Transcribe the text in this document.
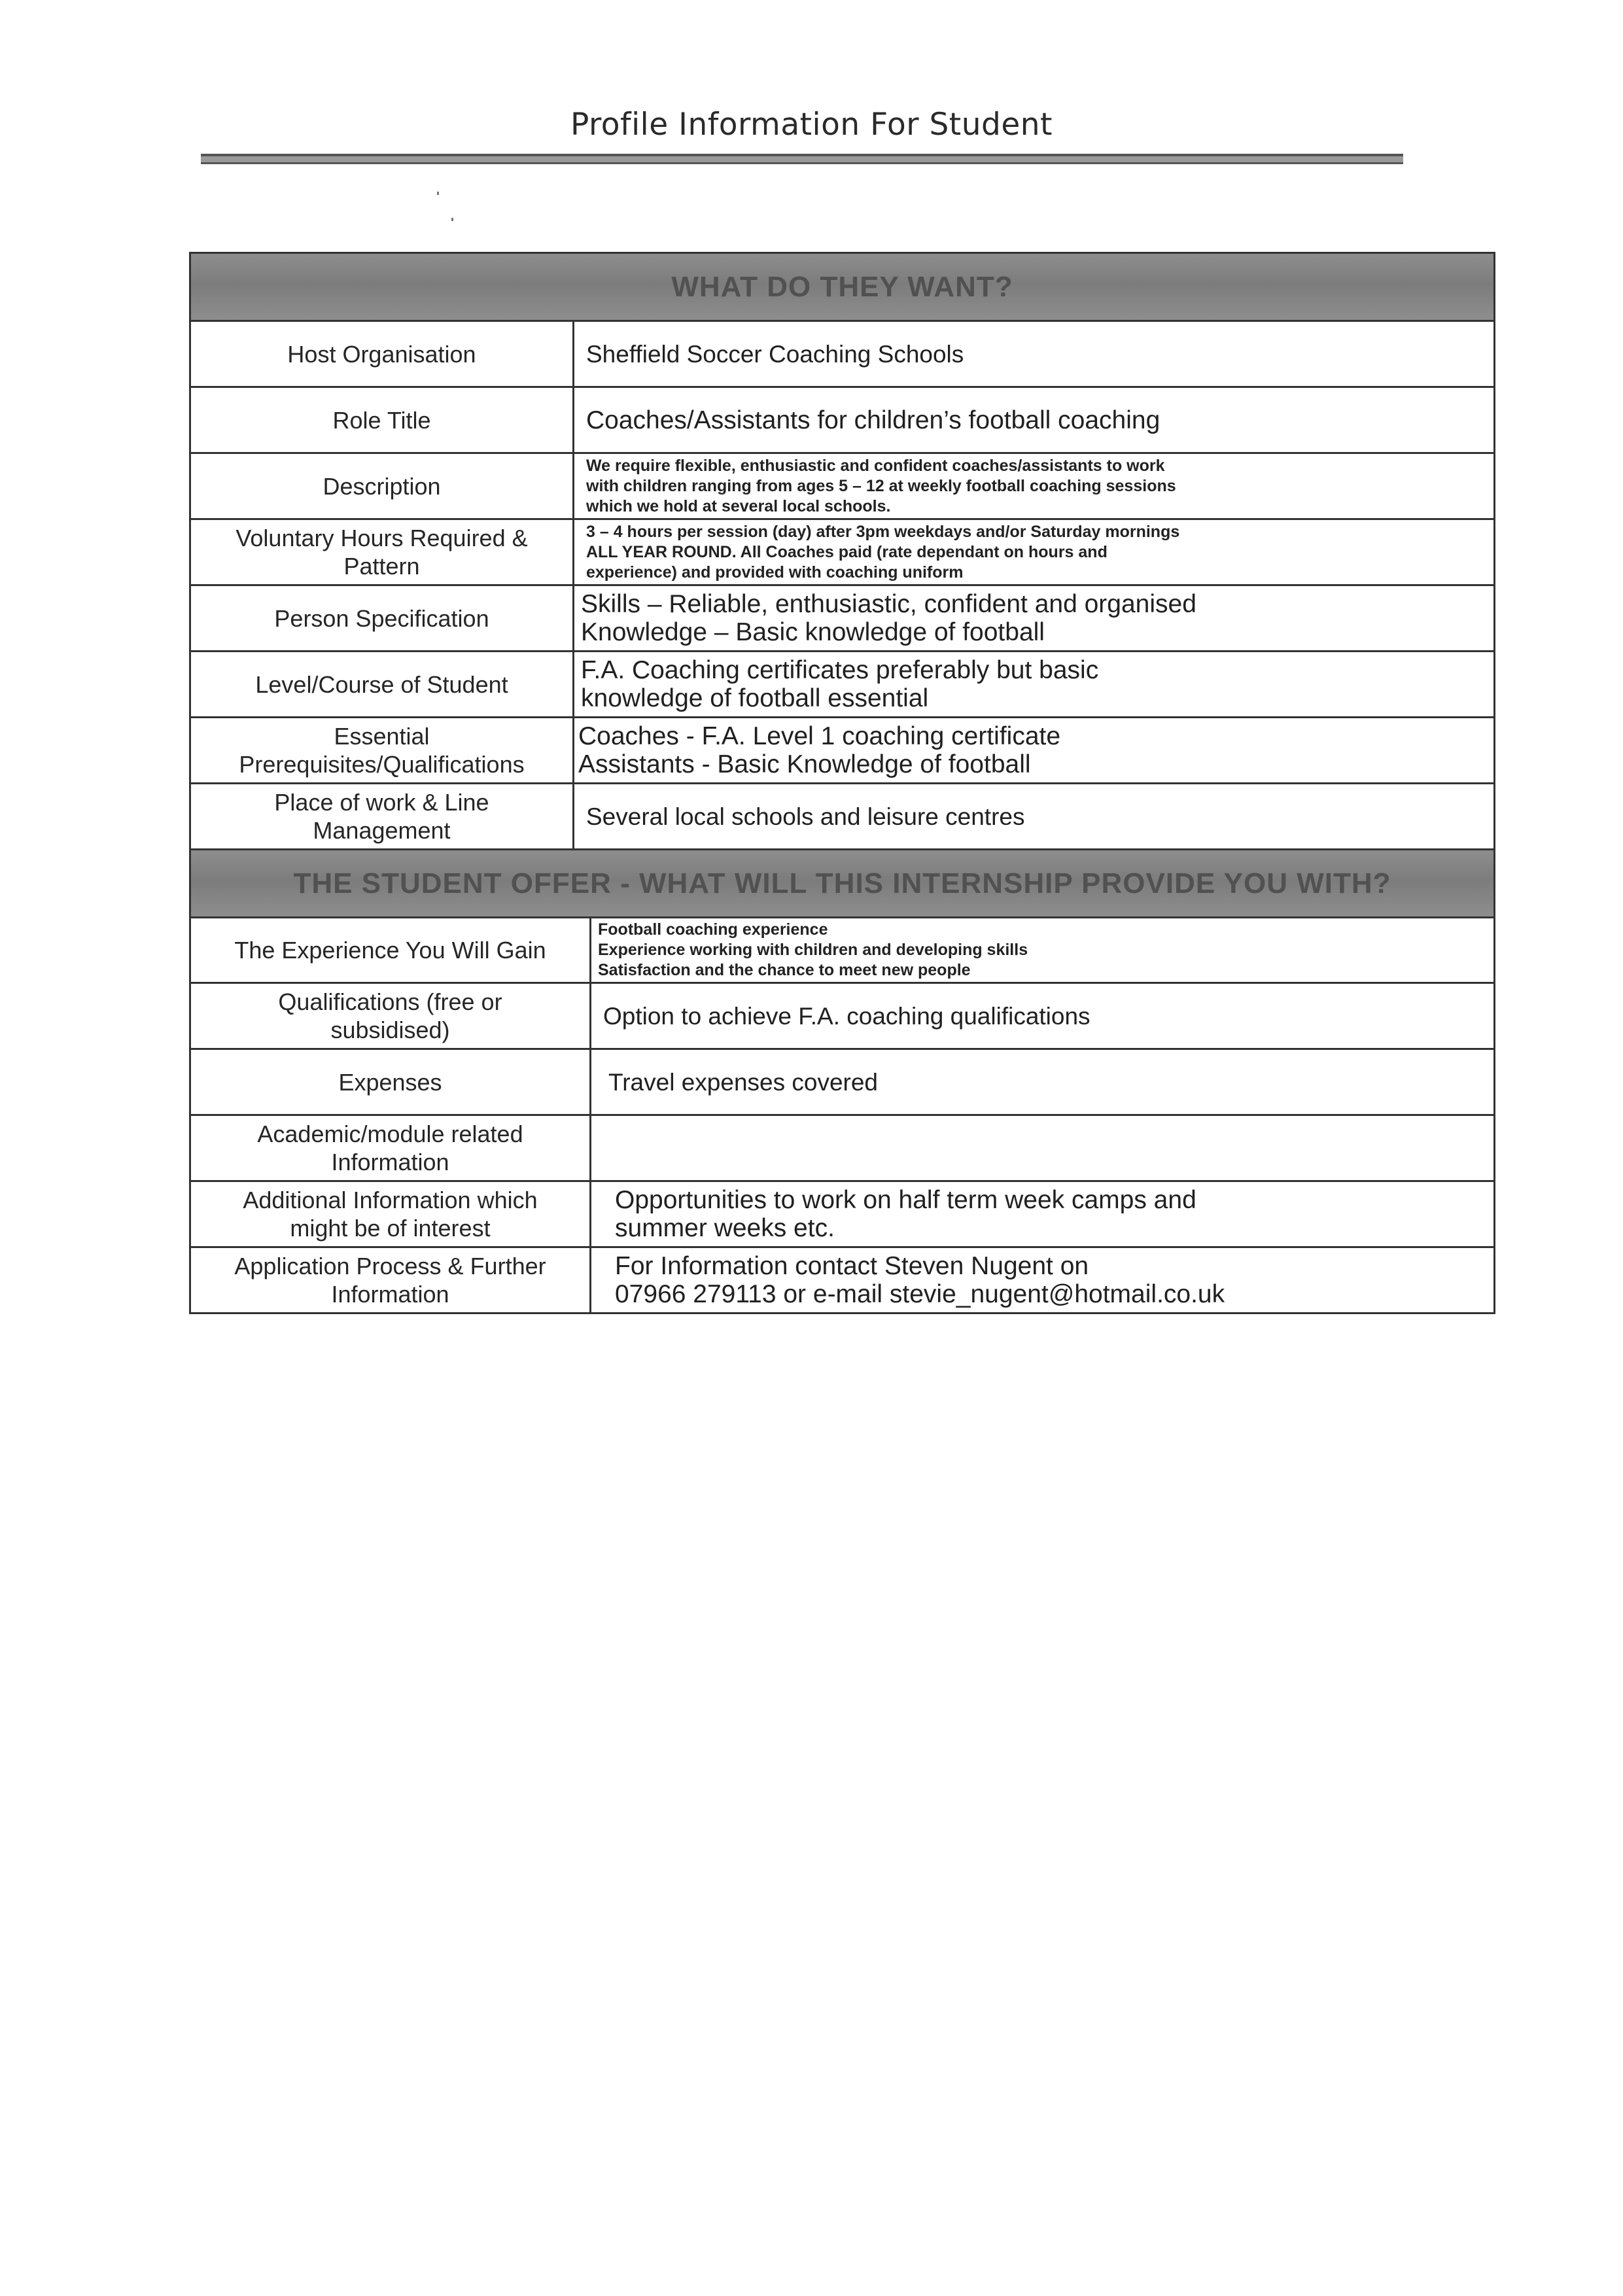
Profile Information For Student
WHAT DO THEY WANT?		
Host Organisation	Sheffield Soccer Coaching Schools	

Role Title	Coaches/Assistants for children’s football coaching	

Description	We require flexible, enthusiastic and confident coaches/assistants to work
with children ranging from ages 5 – 12 at weekly football coaching sessions
which we hold at several local schools.	

Voluntary Hours Required &
Pattern	3 – 4 hours per session (day) after 3pm weekdays and/or Saturday mornings
ALL YEAR ROUND. All Coaches paid (rate dependant on hours and
experience) and provided with coaching uniform	

Person Specification	Skills – Reliable, enthusiastic, confident and organised
Knowledge – Basic knowledge of football	

Level/Course of Student	F.A. Coaching certificates preferably but basic
knowledge of football essential	

Essential
Prerequisites/Qualifications	Coaches - F.A. Level 1 coaching certificate
Assistants - Basic Knowledge of football	

Place of work & Line
Management	Several local schools and leisure centres	

THE STUDENT OFFER - WHAT WILL THIS INTERNSHIP PROVIDE YOU WITH?		
The Experience You Will Gain		Football coaching experience
Experience working with children and developing skills
Satisfaction and the chance to meet new people

Qualifications (free or
subsidised)		Option to achieve F.A. coaching qualifications

Expenses		Travel expenses covered

Academic/module related
Information		

Additional Information which
might be of interest		Opportunities to work on half term week camps and
summer weeks etc.

Application Process & Further
Information		For Information contact Steven Nugent on
07966 279113 or e-mail stevie_nugent@hotmail.co.uk
